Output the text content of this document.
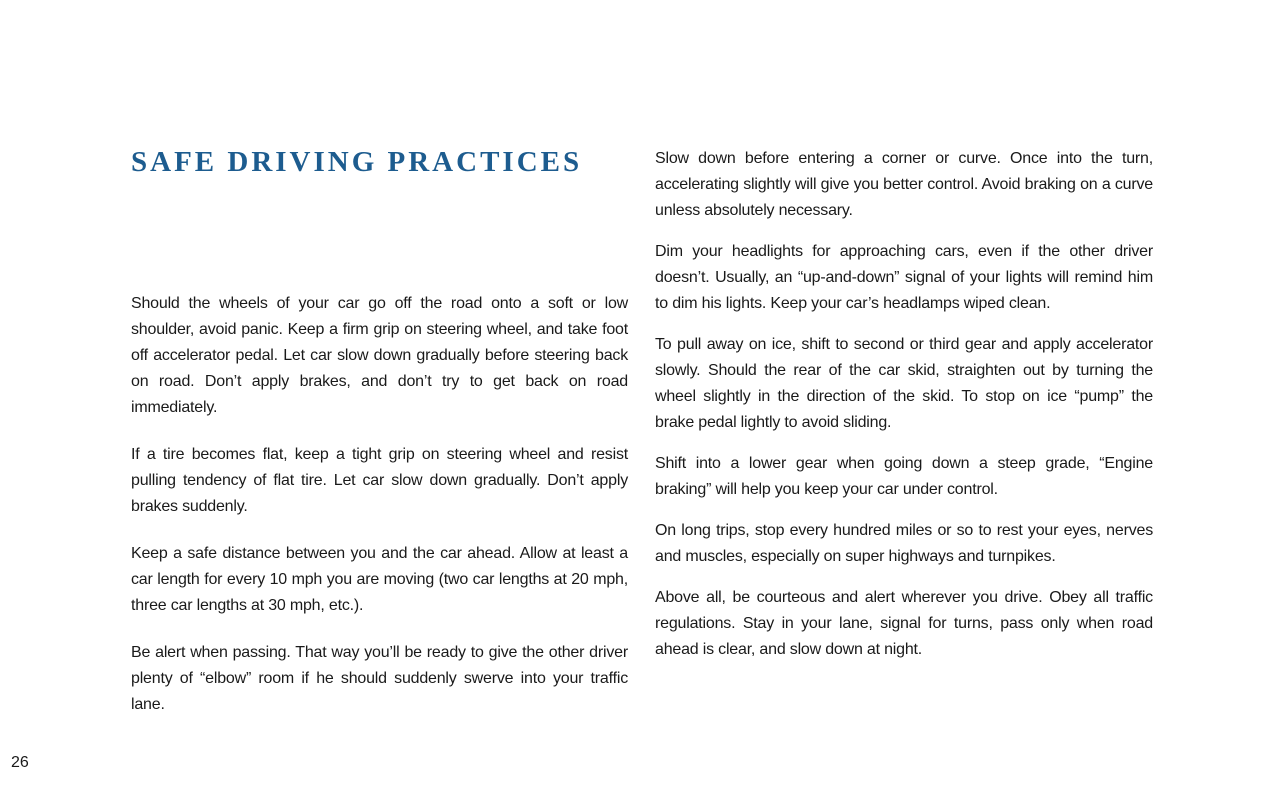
SAFE DRIVING PRACTICES

Should the wheels of your car go off the road onto a soft or low shoulder, avoid panic. Keep a firm grip on steering wheel, and take foot off accelerator pedal. Let car slow down gradually before steering back on road. Don’t apply brakes, and don’t try to get back on road immediately.

If a tire becomes flat, keep a tight grip on steering wheel and resist pulling tendency of flat tire. Let car slow down gradually. Don’t apply brakes suddenly.

Keep a safe distance between you and the car ahead. Allow at least a car length for every 10 mph you are moving (two car lengths at 20 mph, three car lengths at 30 mph, etc.).

Be alert when passing. That way you’ll be ready to give the other driver plenty of “elbow” room if he should suddenly swerve into your traffic lane.

Slow down before entering a corner or curve. Once into the turn, accelerating slightly will give you better control. Avoid braking on a curve unless absolutely necessary.

Dim your headlights for approaching cars, even if the other driver doesn’t. Usually, an “up-and-down” signal of your lights will remind him to dim his lights. Keep your car’s headlamps wiped clean.

To pull away on ice, shift to second or third gear and apply accelerator slowly. Should the rear of the car skid, straighten out by turning the wheel slightly in the direction of the skid. To stop on ice “pump” the brake pedal lightly to avoid sliding.

Shift into a lower gear when going down a steep grade, “Engine braking” will help you keep your car under control.

On long trips, stop every hundred miles or so to rest your eyes, nerves and muscles, especially on super highways and turnpikes.

Above all, be courteous and alert wherever you drive. Obey all traffic regulations. Stay in your lane, signal for turns, pass only when road ahead is clear, and slow down at night.

26
